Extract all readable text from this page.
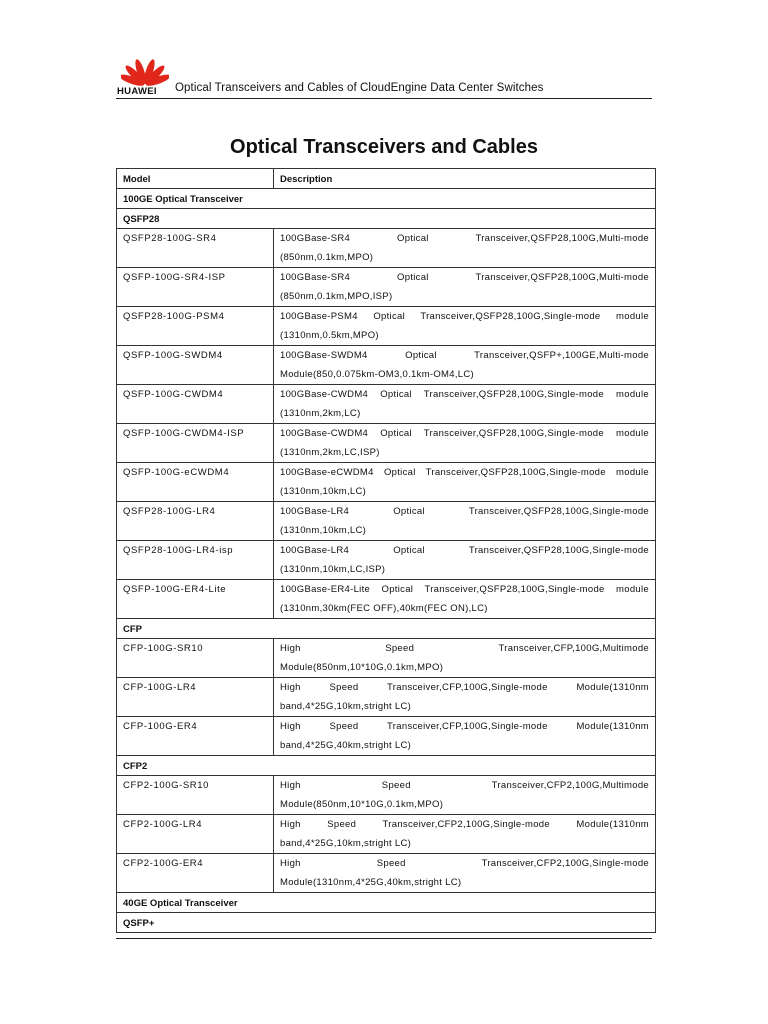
HUAWEI Optical Transceivers and Cables of CloudEngine Data Center Switches
Optical Transceivers and Cables
Model	Description
100GE Optical Transceiver	
QSFP28	
QSFP28-100G-SR4	100GBase-SR4 Optical Transceiver,QSFP28,100G,Multi-mode (850nm,0.1km,MPO)

QSFP-100G-SR4-ISP	100GBase-SR4 Optical Transceiver,QSFP28,100G,Multi-mode (850nm,0.1km,MPO,ISP)

QSFP28-100G-PSM4	100GBase-PSM4 Optical Transceiver,QSFP28,100G,Single-mode module (1310nm,0.5km,MPO)

QSFP-100G-SWDM4	100GBase-SWDM4 Optical Transceiver,QSFP+,100GE,Multi-mode Module(850,0.075km-OM3,0.1km-OM4,LC)

QSFP-100G-CWDM4	100GBase-CWDM4 Optical Transceiver,QSFP28,100G,Single-mode module (1310nm,2km,LC)

QSFP-100G-CWDM4-ISP	100GBase-CWDM4 Optical Transceiver,QSFP28,100G,Single-mode module (1310nm,2km,LC,ISP)

QSFP-100G-eCWDM4	100GBase-eCWDM4 Optical Transceiver,QSFP28,100G,Single-mode module (1310nm,10km,LC)

QSFP28-100G-LR4	100GBase-LR4 Optical Transceiver,QSFP28,100G,Single-mode (1310nm,10km,LC)

QSFP28-100G-LR4-isp	100GBase-LR4 Optical Transceiver,QSFP28,100G,Single-mode (1310nm,10km,LC,ISP)

QSFP-100G-ER4-Lite	100GBase-ER4-Lite Optical Transceiver,QSFP28,100G,Single-mode module (1310nm,30km(FEC OFF),40km(FEC ON),LC)

CFP	
CFP-100G-SR10	High Speed Transceiver,CFP,100G,Multimode Module(850nm,10*10G,0.1km,MPO)

CFP-100G-LR4	High Speed Transceiver,CFP,100G,Single-mode Module(1310nm band,4*25G,10km,stright LC)

CFP-100G-ER4	High Speed Transceiver,CFP,100G,Single-mode Module(1310nm band,4*25G,40km,stright LC)

CFP2	
CFP2-100G-SR10	High Speed Transceiver,CFP2,100G,Multimode Module(850nm,10*10G,0.1km,MPO)

CFP2-100G-LR4	High Speed Transceiver,CFP2,100G,Single-mode Module(1310nm band,4*25G,10km,stright LC)

CFP2-100G-ER4	High Speed Transceiver,CFP2,100G,Single-mode Module(1310nm,4*25G,40km,stright LC)

40GE Optical Transceiver	
QSFP+	
